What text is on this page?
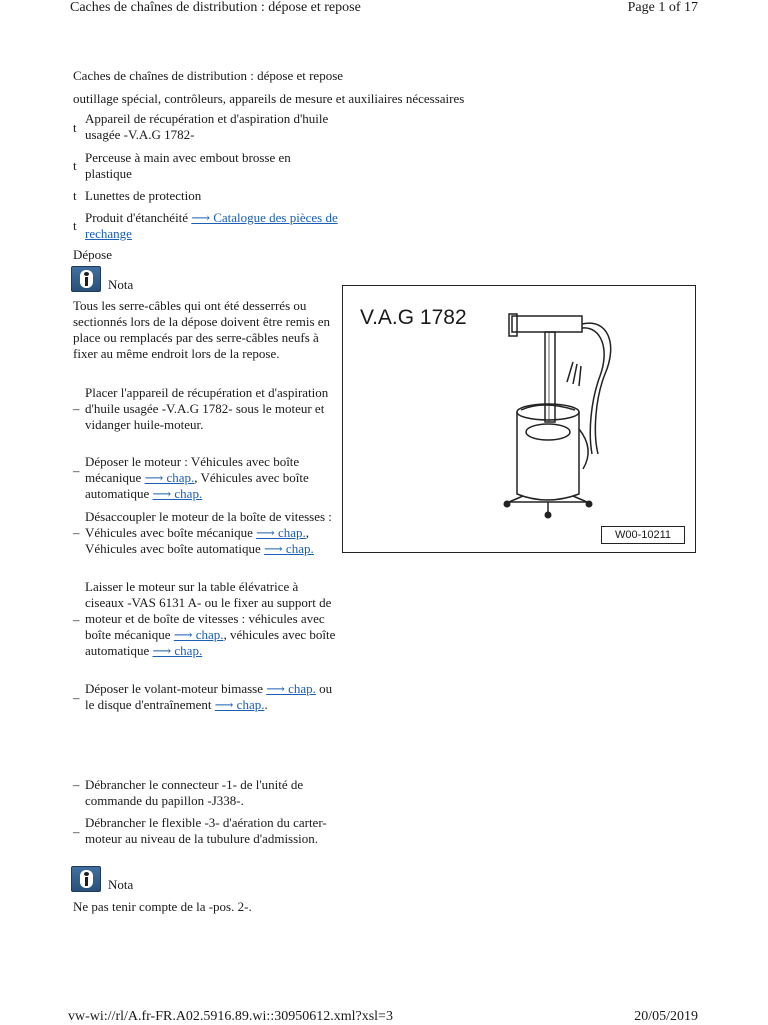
Caches de chaînes de distribution : dépose et repose	Page 1 of 17
Caches de chaînes de distribution : dépose et repose
outillage spécial, contrôleurs, appareils de mesure et auxiliaires nécessaires
t
Appareil de récupération et d'aspiration d'huile usagée -V.A.G 1782-
t
Perceuse à main avec embout brosse en plastique
t Lunettes de protection
t
Produit d'étanchéité ⟶ Catalogue des pièces de rechange
Dépose
Nota
Tous les serre-câbles qui ont été desserrés ou sectionnés lors de la dépose doivent être remis en place ou remplacés par des serre-câbles neufs à fixer au même endroit lors de la repose.
–
Placer l'appareil de récupération et d'aspiration d'huile usagée -V.A.G 1782- sous le moteur et vidanger huile-moteur.
–
Déposer le moteur : Véhicules avec boîte mécanique ⟶ chap., Véhicules avec boîte automatique ⟶ chap.
–
Désaccoupler le moteur de la boîte de vitesses : Véhicules avec boîte mécanique ⟶ chap., Véhicules avec boîte automatique ⟶ chap.
–
Laisser le moteur sur la table élévatrice à ciseaux -VAS 6131 A- ou le fixer au support de moteur et de boîte de vitesses : véhicules avec boîte mécanique ⟶ chap., véhicules avec boîte automatique ⟶ chap.
–
Déposer le volant-moteur bimasse ⟶ chap. ou le disque d'entraînement ⟶ chap..
– Débrancher le connecteur -1- de l'unité de commande du papillon -J338-.
–
Débrancher le flexible -3- d'aération du carter-moteur au niveau de la tubulure d'admission.
Nota
Ne pas tenir compte de la -pos. 2-.
V.A.G 1782
W00-10211
vw-wi://rl/A.fr-FR.A02.5916.89.wi::30950612.xml?xsl=3	20/05/2019
